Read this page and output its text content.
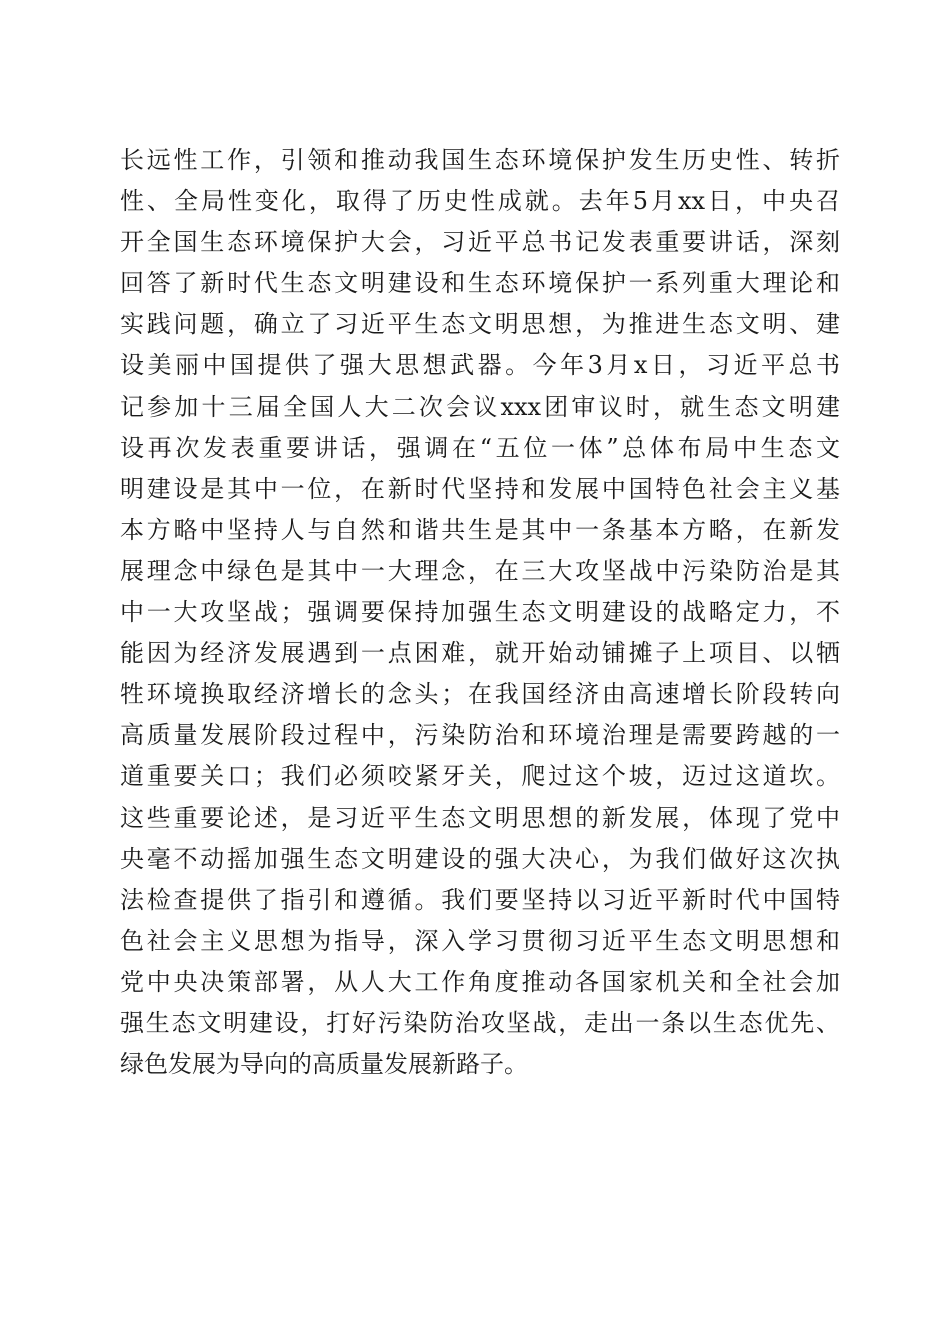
长远性工作，引领和推动我国生态环境保护发生历史性、转折
性、全局性变化，取得了历史性成就。去年5月xx日，中央召
开全国生态环境保护大会，习近平总书记发表重要讲话，深刻
回答了新时代生态文明建设和生态环境保护一系列重大理论和
实践问题，确立了习近平生态文明思想，为推进生态文明、建
设美丽中国提供了强大思想武器。今年3月x日，习近平总书
记参加十三届全国人大二次会议xxx团审议时，就生态文明建
设再次发表重要讲话，强调在“五位一体”总体布局中生态文
明建设是其中一位，在新时代坚持和发展中国特色社会主义基
本方略中坚持人与自然和谐共生是其中一条基本方略，在新发
展理念中绿色是其中一大理念，在三大攻坚战中污染防治是其
中一大攻坚战；强调要保持加强生态文明建设的战略定力，不
能因为经济发展遇到一点困难，就开始动铺摊子上项目、以牺
牲环境换取经济增长的念头；在我国经济由高速增长阶段转向
高质量发展阶段过程中，污染防治和环境治理是需要跨越的一
道重要关口；我们必须咬紧牙关，爬过这个坡，迈过这道坎。
这些重要论述，是习近平生态文明思想的新发展，体现了党中
央毫不动摇加强生态文明建设的强大决心，为我们做好这次执
法检查提供了指引和遵循。我们要坚持以习近平新时代中国特
色社会主义思想为指导，深入学习贯彻习近平生态文明思想和
党中央决策部署，从人大工作角度推动各国家机关和全社会加
强生态文明建设，打好污染防治攻坚战，走出一条以生态优先、
绿色发展为导向的高质量发展新路子。
